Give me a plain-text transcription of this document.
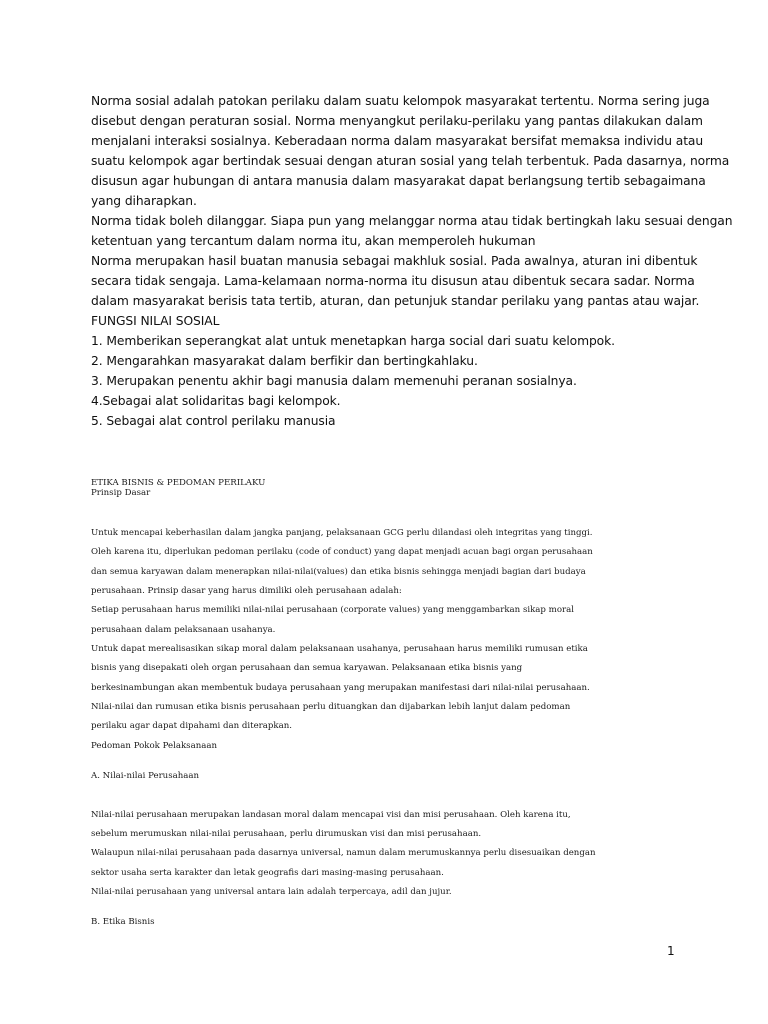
Norma sosial adalah patokan perilaku dalam suatu kelompok masyarakat tertentu. Norma sering juga
disebut dengan peraturan sosial. Norma menyangkut perilaku-perilaku yang pantas dilakukan dalam
menjalani interaksi sosialnya. Keberadaan norma dalam masyarakat bersifat memaksa individu atau
suatu kelompok agar bertindak sesuai dengan aturan sosial yang telah terbentuk. Pada dasarnya, norma
disusun agar hubungan di antara manusia dalam masyarakat dapat berlangsung tertib sebagaimana
yang diharapkan.
Norma tidak boleh dilanggar. Siapa pun yang melanggar norma atau tidak bertingkah laku sesuai dengan
ketentuan yang tercantum dalam norma itu, akan memperoleh hukuman
Norma merupakan hasil buatan manusia sebagai makhluk sosial. Pada awalnya, aturan ini dibentuk
secara tidak sengaja. Lama-kelamaan norma-norma itu disusun atau dibentuk secara sadar. Norma
dalam masyarakat berisis tata tertib, aturan, dan petunjuk standar perilaku yang pantas atau wajar.
FUNGSI NILAI SOSIAL
1. Memberikan seperangkat alat untuk menetapkan harga social dari suatu kelompok.
2. Mengarahkan masyarakat dalam berfikir dan bertingkahlaku.
3. Merupakan penentu akhir bagi manusia dalam memenuhi peranan sosialnya.
4.Sebagai alat solidaritas bagi kelompok.
5. Sebagai alat control perilaku manusia
ETIKA BISNIS & PEDOMAN PERILAKU
Prinsip Dasar
Untuk mencapai keberhasilan dalam jangka panjang, pelaksanaan GCG perlu dilandasi oleh integritas yang tinggi.
Oleh karena itu, diperlukan pedoman perilaku (code of conduct) yang dapat menjadi acuan bagi organ perusahaan
dan semua karyawan dalam menerapkan nilai-nilai(values) dan etika bisnis sehingga menjadi bagian dari budaya
perusahaan. Prinsip dasar yang harus dimiliki oleh perusahaan adalah:
Setiap perusahaan harus memiliki nilai-nilai perusahaan (corporate values) yang menggambarkan sikap moral
perusahaan dalam pelaksanaan usahanya.
Untuk dapat merealisasikan sikap moral dalam pelaksanaan usahanya, perusahaan harus memiliki rumusan etika
bisnis yang disepakati oleh organ perusahaan dan semua karyawan. Pelaksanaan etika bisnis yang
berkesinambungan akan membentuk budaya perusahaan yang merupakan manifestasi dari nilai-nilai perusahaan.
Nilai-nilai dan rumusan etika bisnis perusahaan perlu dituangkan dan dijabarkan lebih lanjut dalam pedoman
perilaku agar dapat dipahami dan diterapkan.
Pedoman Pokok Pelaksanaan
A. Nilai-nilai Perusahaan
Nilai-nilai perusahaan merupakan landasan moral dalam mencapai visi dan misi perusahaan. Oleh karena itu,
sebelum merumuskan nilai-nilai perusahaan, perlu dirumuskan visi dan misi perusahaan.
Walaupun nilai-nilai perusahaan pada dasarnya universal, namun dalam merumuskannya perlu disesuaikan dengan
sektor usaha serta karakter dan letak geografis dari masing-masing perusahaan.
Nilai-nilai perusahaan yang universal antara lain adalah terpercaya, adil dan jujur.
B. Etika Bisnis
1
